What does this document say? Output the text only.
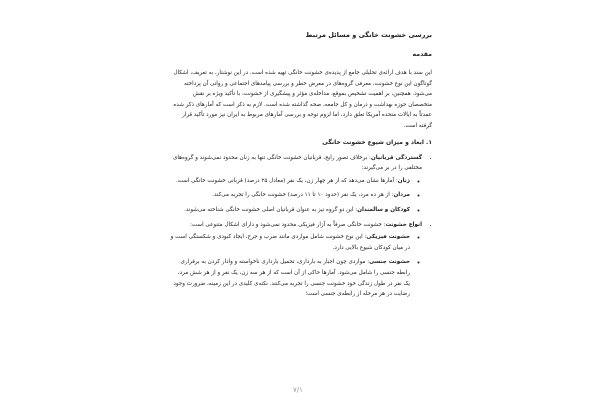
بررسی خشونت خانگی و مسائل مرتبط
مقدمه

این سند با هدف ارائه‌ی تحلیلی جامع از پدیده‌ی خشونت خانگی تهیه شده است. در این نوشتار، به تعریف، اشکال گوناگون این نوع خشونت، معرفی گروه‌های در معرض خطر و بررسی پیامدهای اجتماعی و روانی آن پرداخته می‌شود. همچنین، بر اهمیت تشخیص بموقع، مداخله‌ی مؤثر و پیشگیری از خشونت، با تأکید ویژه بر نقش متخصصان حوزه بهداشت و درمان و کل جامعه، صحه گذاشته شده است. لازم به ذکر است که آمارهای ذکر شده عمدتاً به ایالات متحده آمریکا تعلق دارد، اما لزوم توجه و بررسی آمارهای مربوط به ایران نیز مورد تأکید قرار گرفته است.

۱. ابعاد و میزان شیوع خشونت خانگی
• گستردگی قربانیان: برخلاف تصور رایج، قربانیان خشونت خانگی تنها به زنان محدود نمی‌شوند و گروه‌های مختلفی را در بر می‌گیرند:
◦ زنان: آمارها نشان می‌دهد که از هر چهار زن، یک نفر (معادل ۲۵ درصد) قربانی خشونت خانگی است.
◦ مردان: از هر ده مرد، یک نفر (حدود ۱۰ تا ۱۱ درصد) خشونت خانگی را تجربه می‌کند.
◦ کودکان و سالمندان: این دو گروه نیز به عنوان قربانیان اصلی خشونت خانگی شناخته می‌شوند.
• انواع خشونت: خشونت خانگی صرفاً به آزار فیزیکی محدود نمی‌شود و دارای اشکال متنوعی است:
◦ خشونت فیزیکی: این نوع خشونت شامل مواردی مانند ضرب و جرح، ایجاد کبودی و شکستگی است و در میان کودکان شیوع بالایی دارد.
◦ خشونت جنسی: مواردی چون اجبار به بارداری، تحمیل بارداری ناخواسته و وادار کردن به برقراری رابطه جنسی را شامل می‌شود. آمارها حاکی از آن است که از هر سه زن، یک نفر و از هر شش مرد، یک نفر در طول زندگی خود خشونت جنسی را تجربه می‌کنند. نکته‌ی کلیدی در این زمینه، ضرورت وجود رضایت در هر مرحله از رابطه‌ی جنسی است؛
۷/۱
